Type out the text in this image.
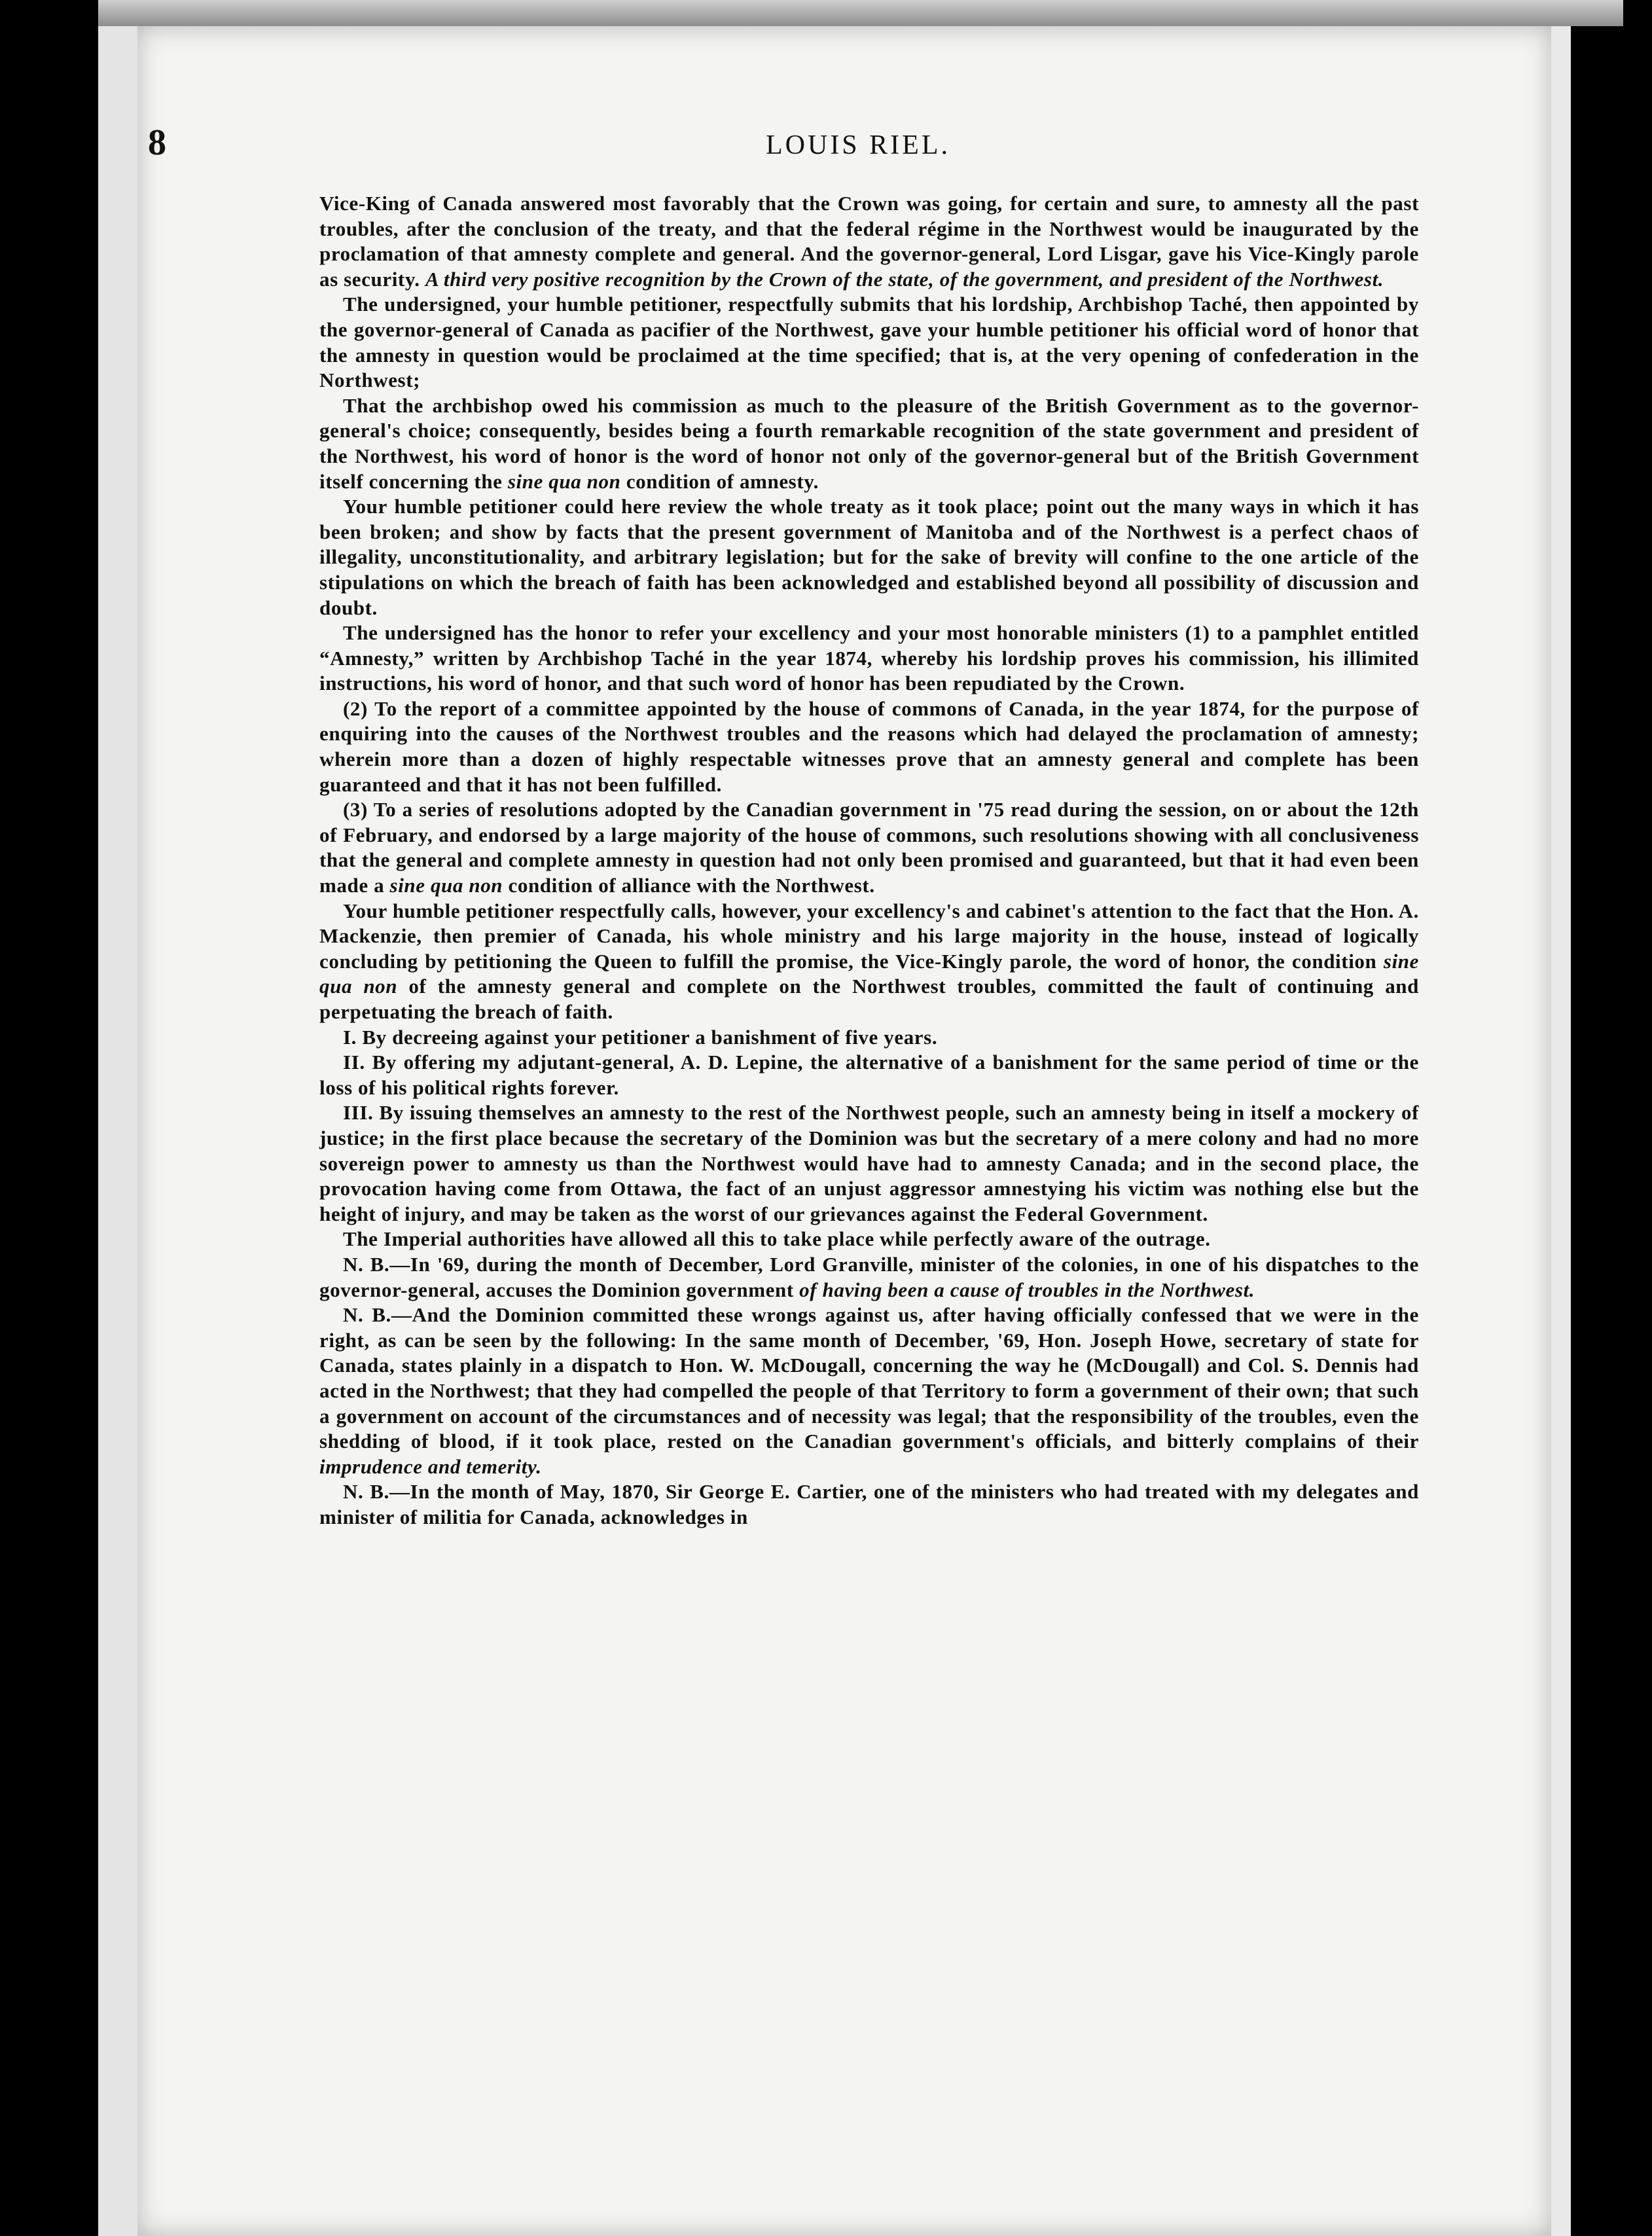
8	LOUIS RIEL.

Vice-King of Canada answered most favorably that the Crown was going, for certain and sure, to amnesty all the past troubles, after the conclusion of the treaty, and that the federal régime in the Northwest would be inaugurated by the proclamation of that amnesty complete and general. And the governor-general, Lord Lisgar, gave his Vice-Kingly parole as security. A third very positive recognition by the Crown of the state, of the government, and president of the Northwest.

The undersigned, your humble petitioner, respectfully submits that his lordship, Archbishop Taché, then appointed by the governor-general of Canada as pacifier of the Northwest, gave your humble petitioner his official word of honor that the amnesty in question would be proclaimed at the time specified; that is, at the very opening of confederation in the Northwest;

That the archbishop owed his commission as much to the pleasure of the British Government as to the governor-general's choice; consequently, besides being a fourth remarkable recognition of the state government and president of the Northwest, his word of honor is the word of honor not only of the governor-general but of the British Government itself concerning the sine qua non condition of amnesty.

Your humble petitioner could here review the whole treaty as it took place; point out the many ways in which it has been broken; and show by facts that the present government of Manitoba and of the Northwest is a perfect chaos of illegality, unconstitutionality, and arbitrary legislation; but for the sake of brevity will confine to the one article of the stipulations on which the breach of faith has been acknowledged and established beyond all possibility of discussion and doubt.

The undersigned has the honor to refer your excellency and your most honorable ministers (1) to a pamphlet entitled “Amnesty,” written by Archbishop Taché in the year 1874, whereby his lordship proves his commission, his illimited instructions, his word of honor, and that such word of honor has been repudiated by the Crown.

(2) To the report of a committee appointed by the house of commons of Canada, in the year 1874, for the purpose of enquiring into the causes of the Northwest troubles and the reasons which had delayed the proclamation of amnesty; wherein more than a dozen of highly respectable witnesses prove that an amnesty general and complete has been guaranteed and that it has not been fulfilled.

(3) To a series of resolutions adopted by the Canadian government in '75 read during the session, on or about the 12th of February, and endorsed by a large majority of the house of commons, such resolutions showing with all conclusiveness that the general and complete amnesty in question had not only been promised and guaranteed, but that it had even been made a sine qua non condition of alliance with the Northwest.

Your humble petitioner respectfully calls, however, your excellency's and cabinet's attention to the fact that the Hon. A. Mackenzie, then premier of Canada, his whole ministry and his large majority in the house, instead of logically concluding by petitioning the Queen to fulfill the promise, the Vice-Kingly parole, the word of honor, the condition sine qua non of the amnesty general and complete on the Northwest troubles, committed the fault of continuing and perpetuating the breach of faith.

I. By decreeing against your petitioner a banishment of five years.

II. By offering my adjutant-general, A. D. Lepine, the alternative of a banishment for the same period of time or the loss of his political rights forever.

III. By issuing themselves an amnesty to the rest of the Northwest people, such an amnesty being in itself a mockery of justice; in the first place because the secretary of the Dominion was but the secretary of a mere colony and had no more sovereign power to amnesty us than the Northwest would have had to amnesty Canada; and in the second place, the provocation having come from Ottawa, the fact of an unjust aggressor amnestying his victim was nothing else but the height of injury, and may be taken as the worst of our grievances against the Federal Government.

The Imperial authorities have allowed all this to take place while perfectly aware of the outrage.

N. B.—In '69, during the month of December, Lord Granville, minister of the colonies, in one of his dispatches to the governor-general, accuses the Dominion government of having been a cause of troubles in the Northwest.

N. B.—And the Dominion committed these wrongs against us, after having officially confessed that we were in the right, as can be seen by the following: In the same month of December, '69, Hon. Joseph Howe, secretary of state for Canada, states plainly in a dispatch to Hon. W. McDougall, concerning the way he (McDougall) and Col. S. Dennis had acted in the Northwest; that they had compelled the people of that Territory to form a government of their own; that such a government on account of the circumstances and of necessity was legal; that the responsibility of the troubles, even the shedding of blood, if it took place, rested on the Canadian government's officials, and bitterly complains of their imprudence and temerity.

N. B.—In the month of May, 1870, Sir George E. Cartier, one of the ministers who had treated with my delegates and minister of militia for Canada, acknowledges in
